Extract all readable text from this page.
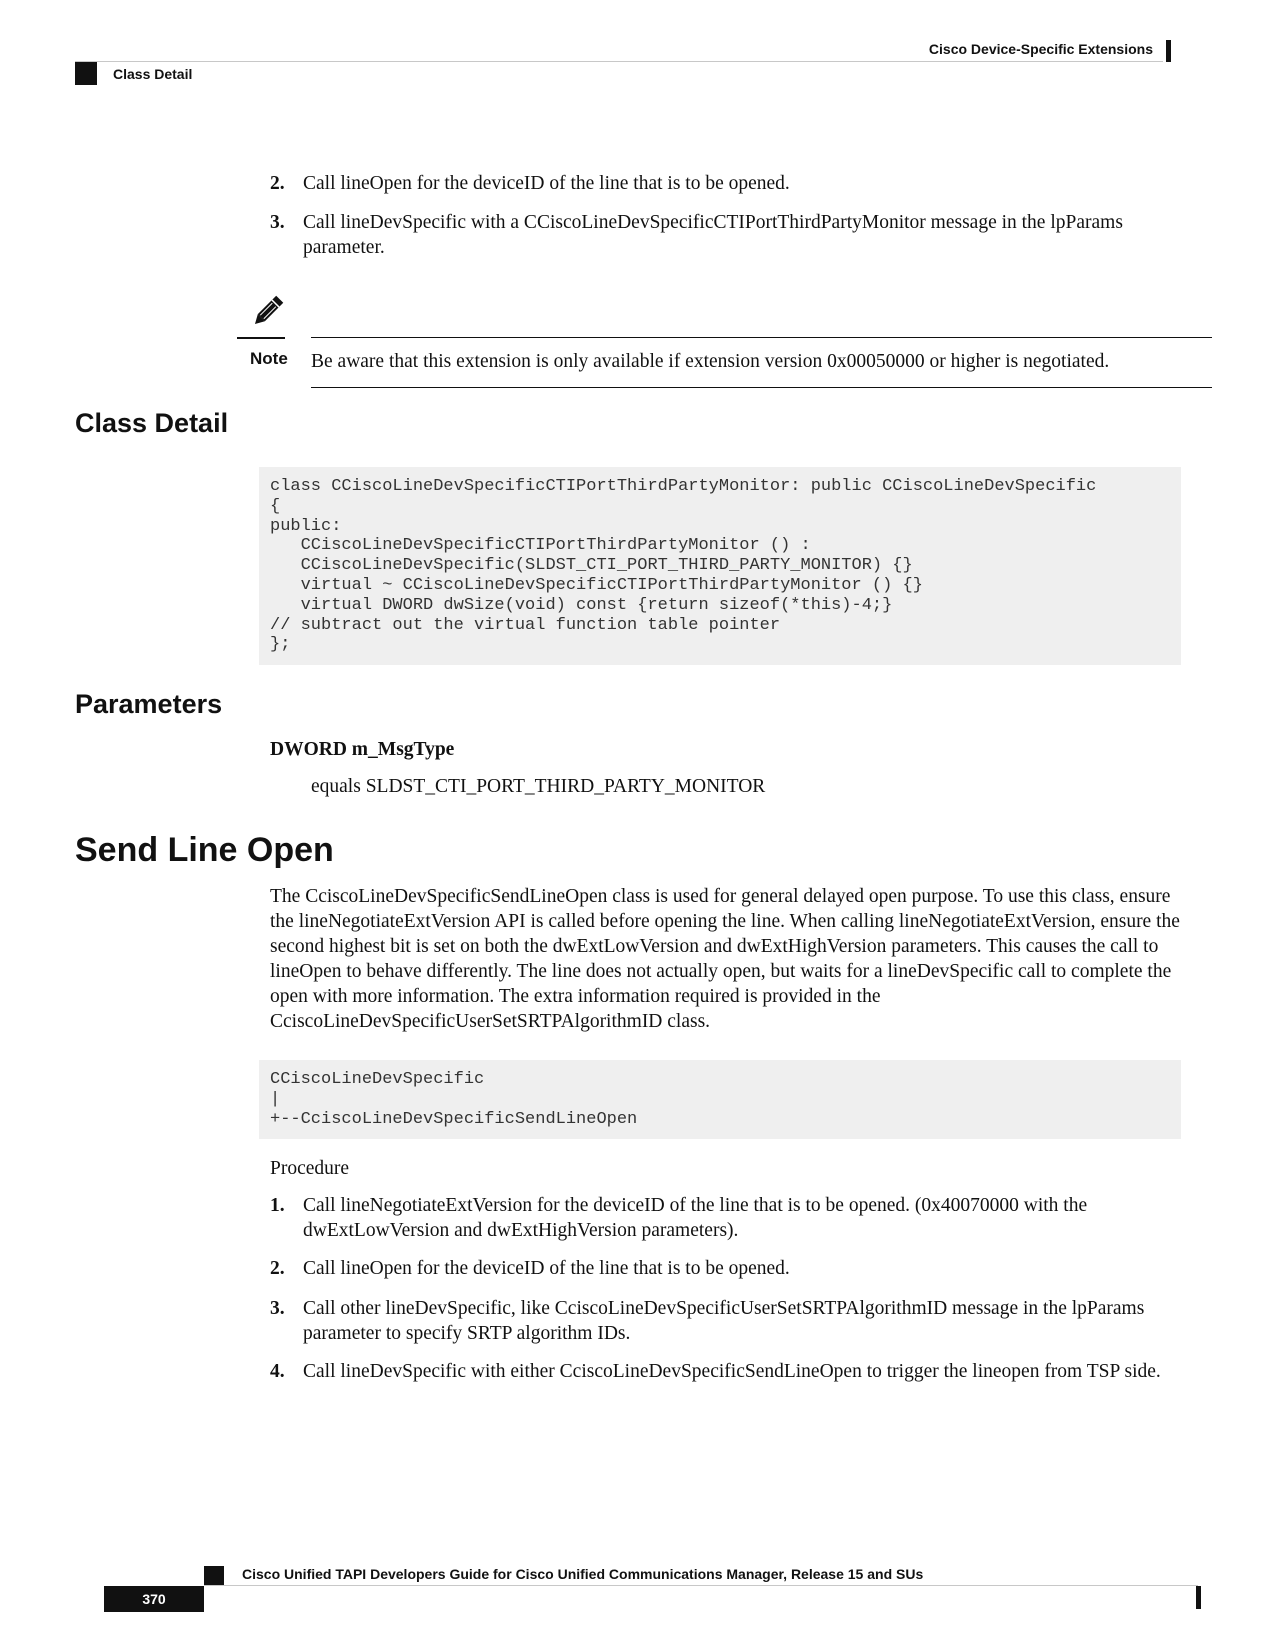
Cisco Device-Specific Extensions
Class Detail
2. Call lineOpen for the deviceID of the line that is to be opened.
3. Call lineDevSpecific with a CCiscoLineDevSpecificCTIPortThirdPartyMonitor message in the lpParams parameter.
Note Be aware that this extension is only available if extension version 0x00050000 or higher is negotiated.
Class Detail
class CCiscoLineDevSpecificCTIPortThirdPartyMonitor: public CCiscoLineDevSpecific
{
public:
CCiscoLineDevSpecificCTIPortThirdPartyMonitor () :
CCiscoLineDevSpecific(SLDST_CTI_PORT_THIRD_PARTY_MONITOR) {}
virtual ~ CCiscoLineDevSpecificCTIPortThirdPartyMonitor () {}
virtual DWORD dwSize(void) const {return sizeof(*this)-4;}
// subtract out the virtual function table pointer
};
Parameters
DWORD m_MsgType
equals SLDST_CTI_PORT_THIRD_PARTY_MONITOR
Send Line Open
The CciscoLineDevSpecificSendLineOpen class is used for general delayed open purpose. To use this class, ensure the lineNegotiateExtVersion API is called before opening the line. When calling lineNegotiateExtVersion, ensure the second highest bit is set on both the dwExtLowVersion and dwExtHighVersion parameters. This causes the call to lineOpen to behave differently. The line does not actually open, but waits for a lineDevSpecific call to complete the open with more information. The extra information required is provided in the CciscoLineDevSpecificUserSetSRTPAlgorithmID class.
CCiscoLineDevSpecific
|
+--CciscoLineDevSpecificSendLineOpen
Procedure
1. Call lineNegotiateExtVersion for the deviceID of the line that is to be opened. (0x40070000 with the dwExtLowVersion and dwExtHighVersion parameters).
2. Call lineOpen for the deviceID of the line that is to be opened.
3. Call other lineDevSpecific, like CciscoLineDevSpecificUserSetSRTPAlgorithmID message in the lpParams parameter to specify SRTP algorithm IDs.
4. Call lineDevSpecific with either CciscoLineDevSpecificSendLineOpen to trigger the lineopen from TSP side.
Cisco Unified TAPI Developers Guide for Cisco Unified Communications Manager, Release 15 and SUs
370
